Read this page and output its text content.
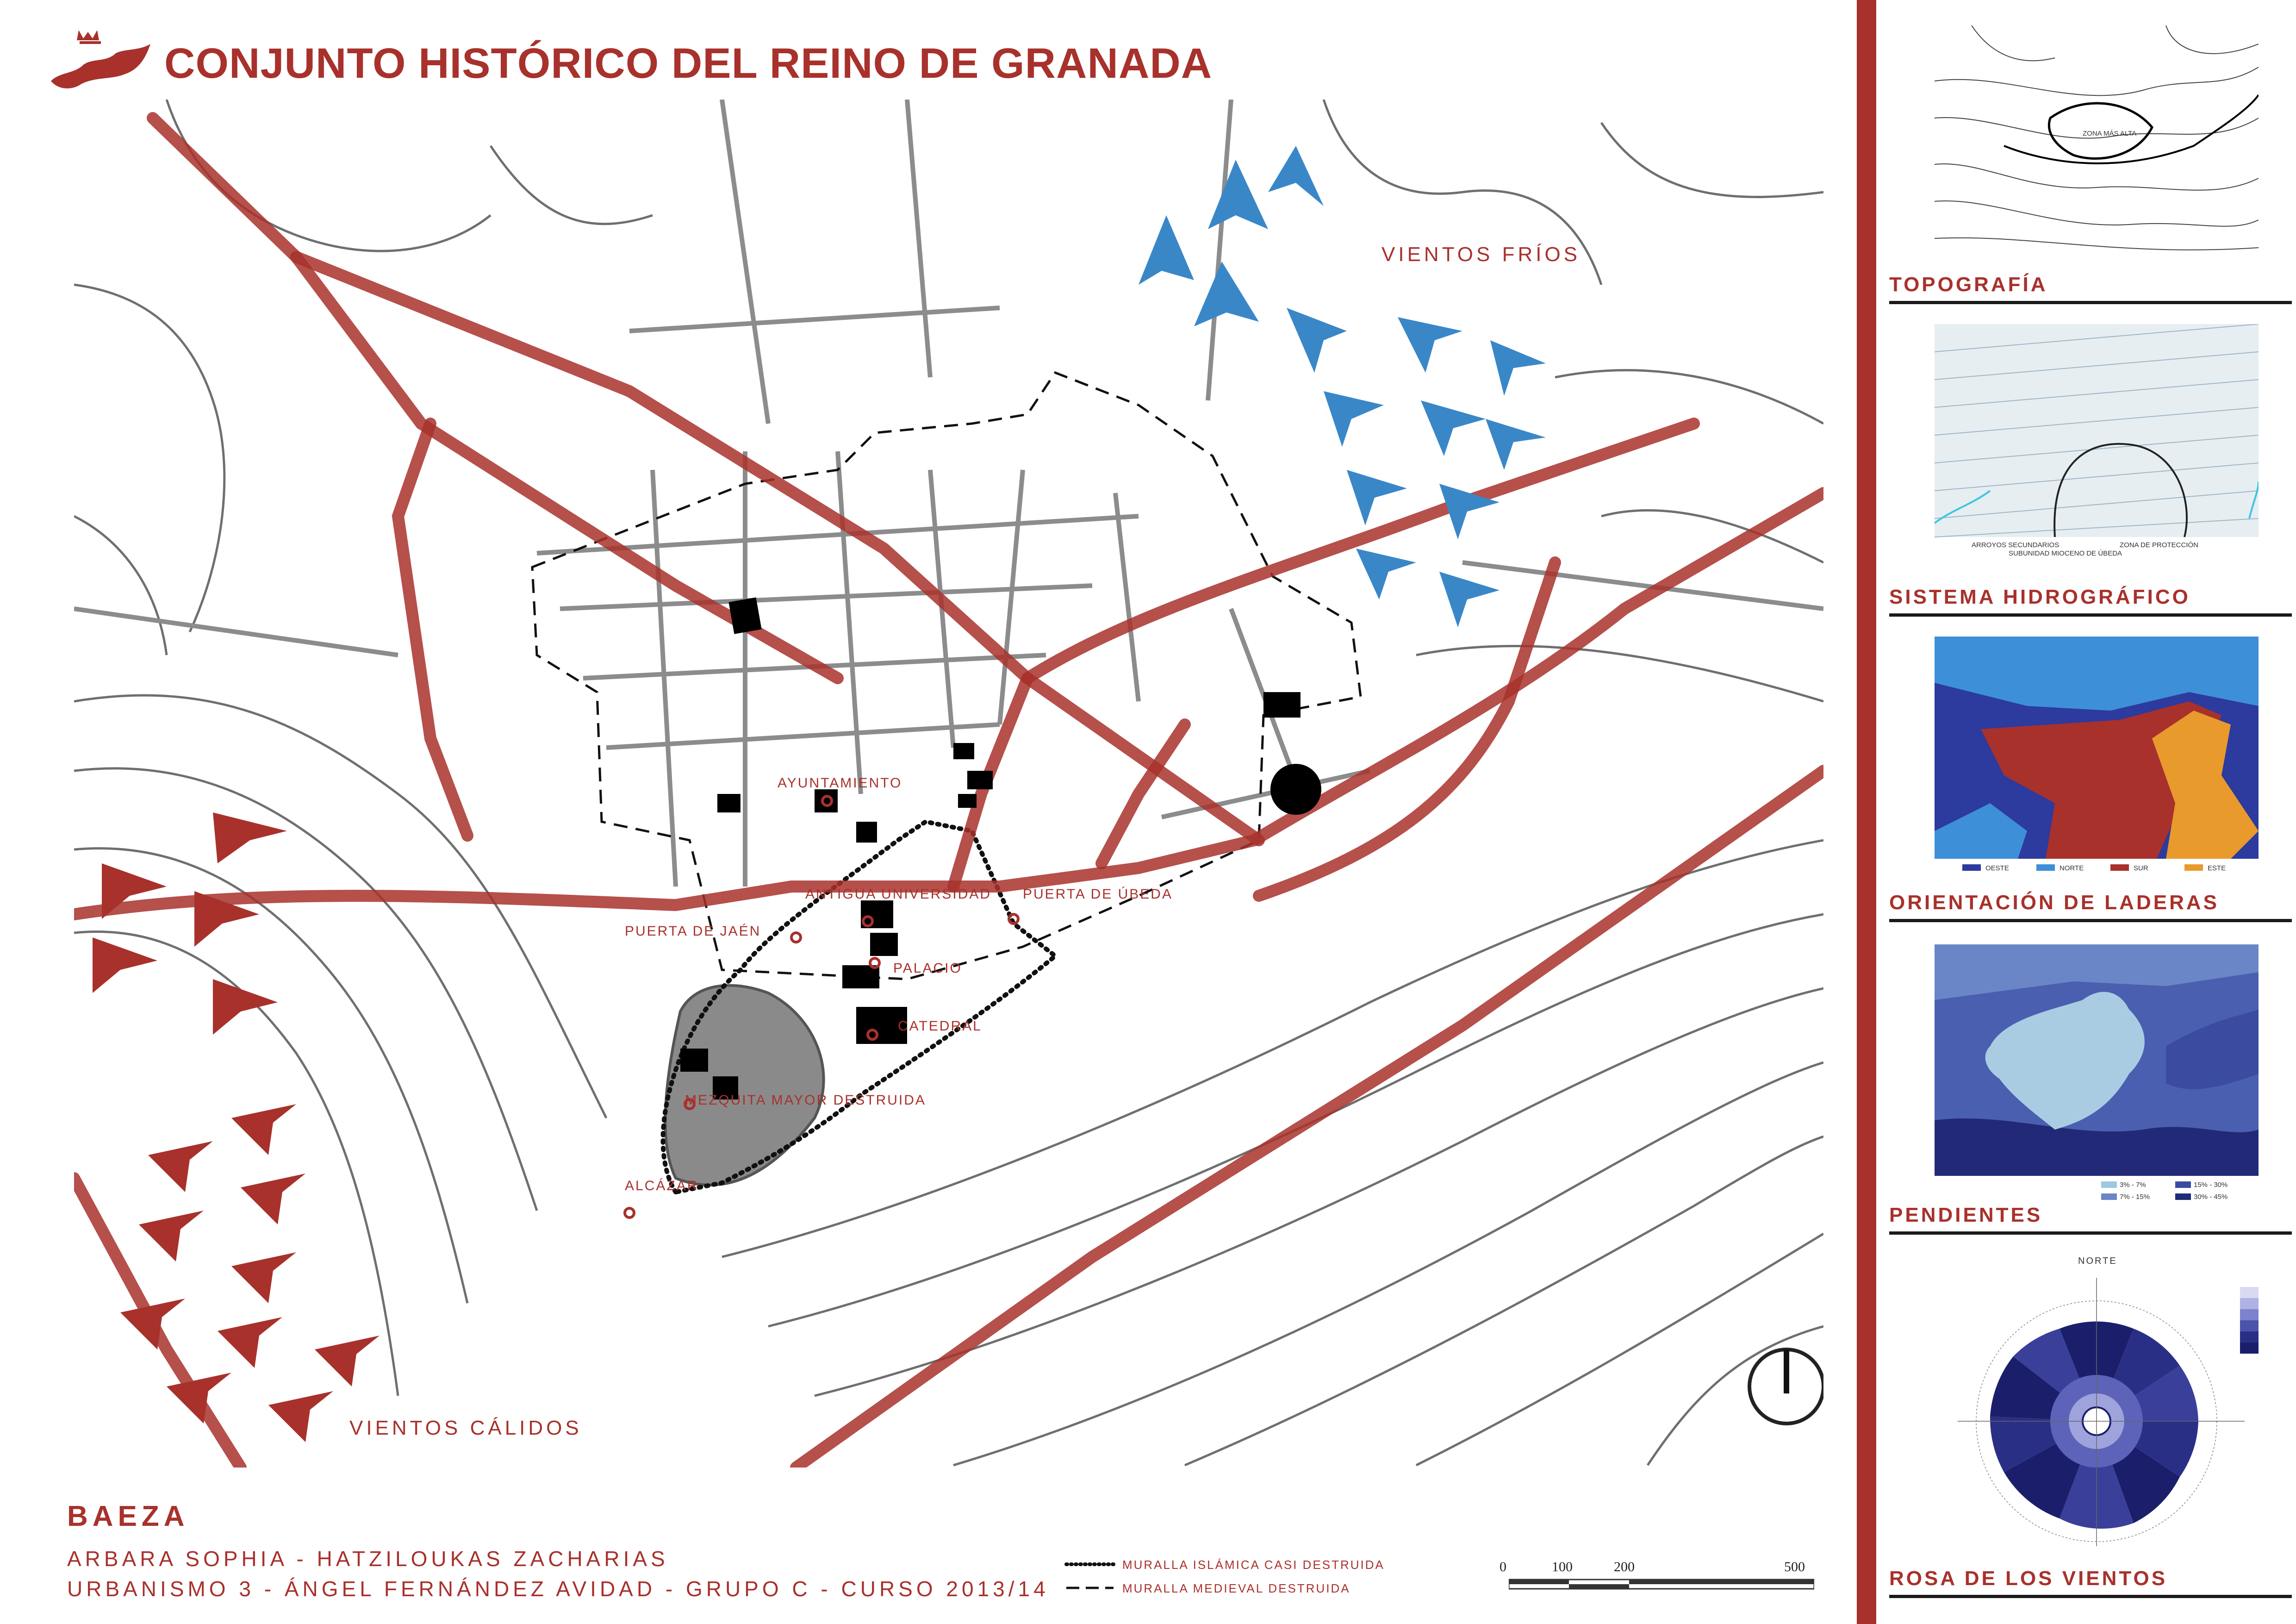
CONJUNTO HISTÓRICO DEL REINO DE GRANADA
VIENTOS FRÍOS
VIENTOS CÁLIDOS
AYUNTAMIENTO
ANTIGUA UNIVERSIDAD PUERTA DE ÚBEDA
PUERTA DE JAÉN
PALACIO
CATEDRAL
MEZQUITA MAYOR DESTRUIDA
ALCÁZAR
BAEZA
ARBARA SOPHIA - HATZILOUKAS ZACHARIAS
URBANISMO 3 - ÁNGEL FERNÁNDEZ AVIDAD - GRUPO C - CURSO 2013/14
MURALLA ISLÁMICA CASI DESTRUIDA
MURALLA MEDIEVAL DESTRUIDA
0	100	200	500
ZONA MÁS ALTA
TOPOGRAFÍA
ARROYOS SECUNDARIOS	ZONA DE PROTECCIÓN
SUBUNIDAD MIOCENO DE ÚBEDA
SISTEMA HIDROGRÁFICO
OESTE	NORTE	SUR	ESTE
ORIENTACIÓN DE LADERAS
3% - 7%
7% - 15%
15% - 30%
30% - 45%
PENDIENTES
NORTE
ROSA DE LOS VIENTOS
